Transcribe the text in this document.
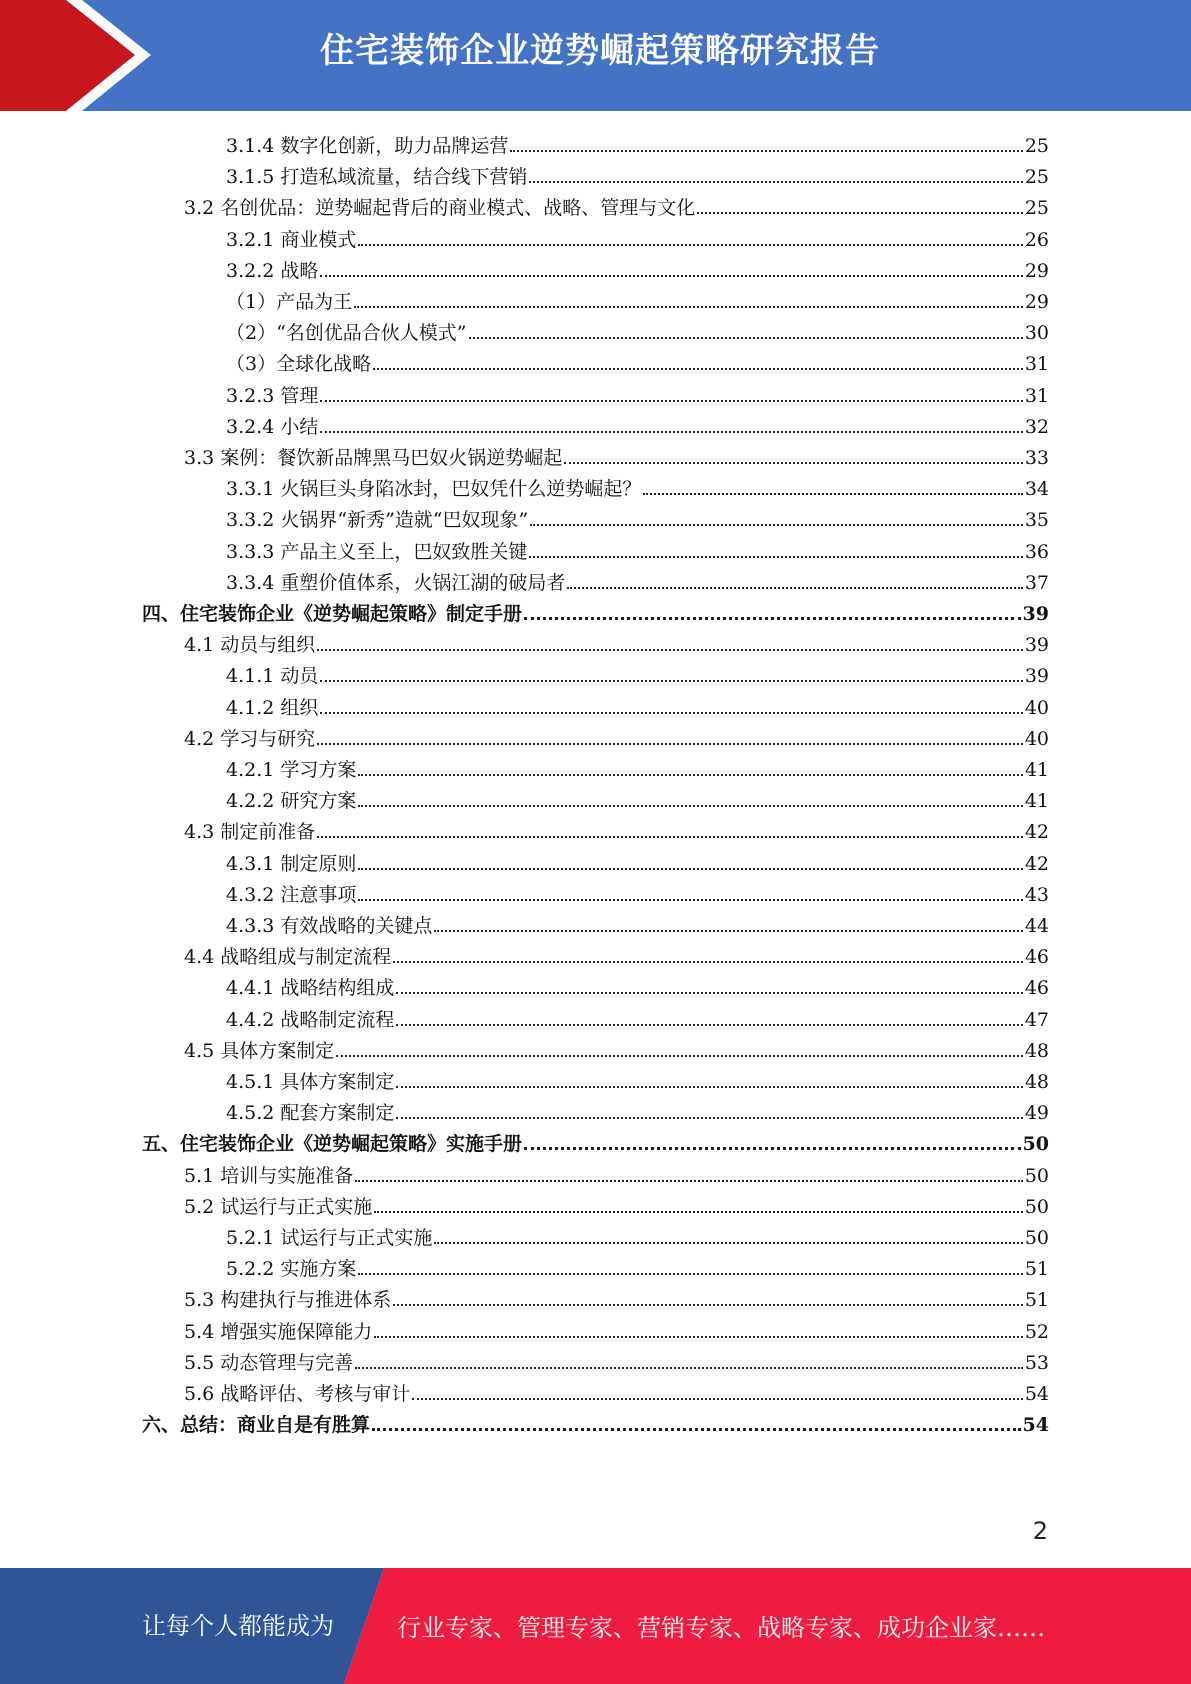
住宅装饰企业逆势崛起策略研究报告
3.1.4 数字化创新，助力品牌运营	25
3.1.5 打造私域流量，结合线下营销	25
3.2 名创优品：逆势崛起背后的商业模式、战略、管理与文化	25
3.2.1 商业模式	26
3.2.2 战略	29
（1）产品为王	29
（2）“名创优品合伙人模式”	30
（3）全球化战略	31
3.2.3 管理	31
3.2.4 小结	32
3.3 案例：餐饮新品牌黑马巴奴火锅逆势崛起	33
3.3.1 火锅巨头身陷冰封，巴奴凭什么逆势崛起？	34
3.3.2 火锅界“新秀”造就“巴奴现象”	35
3.3.3 产品主义至上，巴奴致胜关键	36
3.3.4 重塑价值体系，火锅江湖的破局者	37
四、住宅装饰企业《逆势崛起策略》制定手册	39
4.1 动员与组织	39
4.1.1 动员	39
4.1.2 组织	40
4.2 学习与研究	40
4.2.1 学习方案	41
4.2.2 研究方案	41
4.3 制定前准备	42
4.3.1 制定原则	42
4.3.2 注意事项	43
4.3.3 有效战略的关键点	44
4.4 战略组成与制定流程	46
4.4.1 战略结构组成	46
4.4.2 战略制定流程	47
4.5 具体方案制定	48
4.5.1 具体方案制定	48
4.5.2 配套方案制定	49
五、住宅装饰企业《逆势崛起策略》实施手册	50
5.1 培训与实施准备	50
5.2 试运行与正式实施	50
5.2.1 试运行与正式实施	50
5.2.2 实施方案	51
5.3 构建执行与推进体系	51
5.4 增强实施保障能力	52
5.5 动态管理与完善	53
5.6 战略评估、考核与审计	54
六、总结：商业自是有胜算	54
2
让每个人都能成为	行业专家、管理专家、营销专家、战略专家、成功企业家……
